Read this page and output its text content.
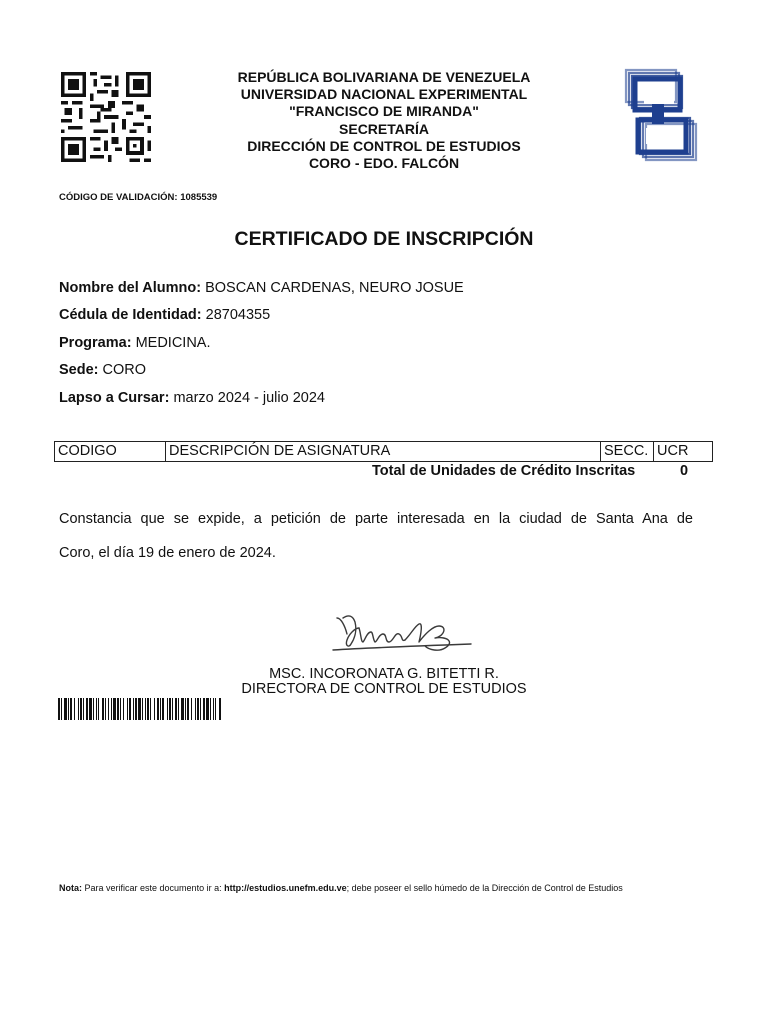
REPÚBLICA BOLIVARIANA DE VENEZUELA
UNIVERSIDAD NACIONAL EXPERIMENTAL
"FRANCISCO DE MIRANDA"
SECRETARÍA
DIRECCIÓN DE CONTROL DE ESTUDIOS
CORO - EDO. FALCÓN
CÓDIGO DE VALIDACIÓN: 1085539
CERTIFICADO DE INSCRIPCIÓN
Nombre del Alumno: BOSCAN CARDENAS, NEURO JOSUE
Cédula de Identidad: 28704355
Programa: MEDICINA.
Sede: CORO
Lapso a Cursar: marzo 2024 - julio 2024
CODIGO	DESCRIPCIÓN DE ASIGNATURA	SECC.	UCR
Total de Unidades de Crédito Inscritas	0
Constancia que se expide, a petición de parte interesada en la ciudad de Santa Ana de
Coro, el día 19 de enero de 2024.
MSC. INCORONATA G. BITETTI R.
DIRECTORA DE CONTROL DE ESTUDIOS
Nota: Para verificar este documento ir a: http://estudios.unefm.edu.ve; debe poseer el sello húmedo de la Dirección de Control de Estudios
